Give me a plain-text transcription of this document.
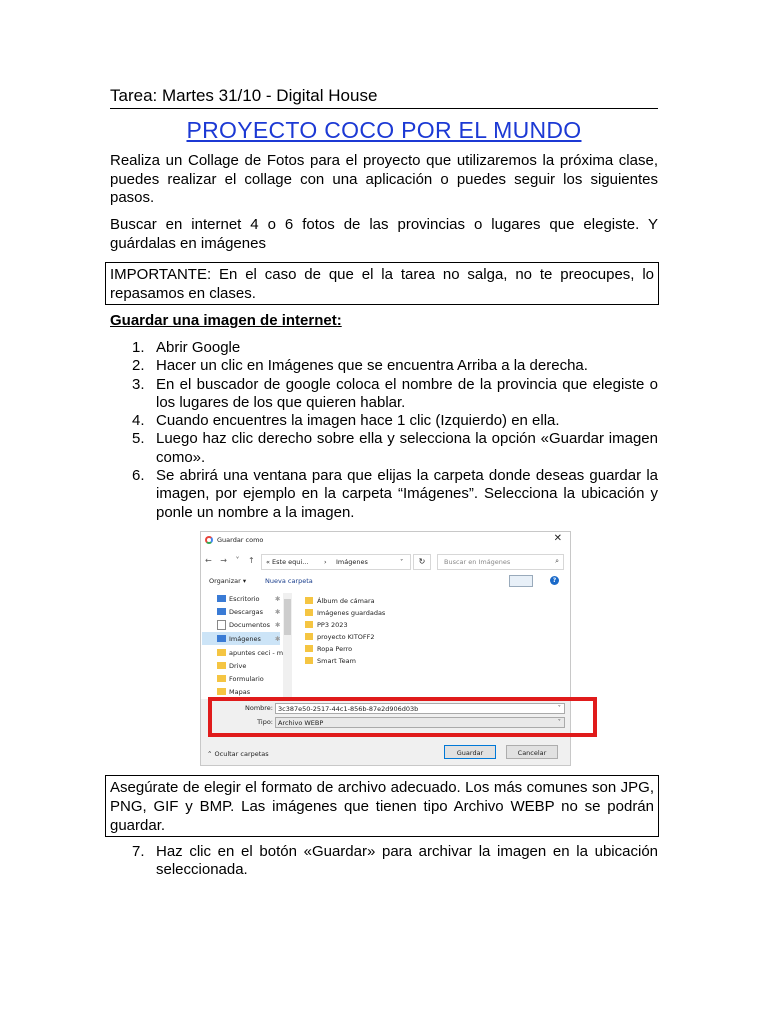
Tarea: Martes 31/10 - Digital House
PROYECTO COCO POR EL MUNDO
Realiza un Collage de Fotos para el proyecto que utilizaremos la próxima clase, puedes realizar el collage con una aplicación o puedes seguir los siguientes pasos.
Buscar en internet 4 o 6 fotos de las provincias o lugares que elegiste. Y guárdalas en imágenes
IMPORTANTE: En el caso de que el la tarea no salga, no te preocupes, lo repasamos en clases.
Guardar una imagen de internet:
1. Abrir Google
2. Hacer un clic en Imágenes que se encuentra Arriba a la derecha.
3. En el buscador de google coloca el nombre de la provincia que elegiste o los lugares de los que quieren hablar.
4. Cuando encuentres la imagen hace 1 clic (Izquierdo) en ella.
5. Luego haz clic derecho sobre ella y selecciona la opción «Guardar imagen como».
6. Se abrirá una ventana para que elijas la carpeta donde deseas guardar la imagen, por ejemplo en la carpeta “Imágenes”. Selecciona la ubicación y ponle un nombre a la imagen.
Guardar como	✕
← → ˅ ↑ « Este equi... › Imágenes	˅	↻	Buscar en Imágenes	⌕
Organizar ▾	Nueva carpeta	?
Escritorio ✱
Descargas ✱
Documentos ✱
Imágenes ✱
apuntes ceci - m
Drive
Formulario
Mapas
Álbum de cámara
Imágenes guardadas
PP3 2023
proyecto KITOFF2
Ropa Perro
Smart Team
Nombre: 3c387e50-2517-44c1-856b-87e2d906d03b	˅
Tipo: Archivo WEBP	˅
⌃ Ocultar carpetas	Guardar	Cancelar
Asegúrate de elegir el formato de archivo adecuado. Los más comunes son JPG, PNG, GIF y BMP. Las imágenes que tienen tipo Archivo WEBP no se podrán guardar.
7. Haz clic en el botón «Guardar» para archivar la imagen en la ubicación seleccionada.
